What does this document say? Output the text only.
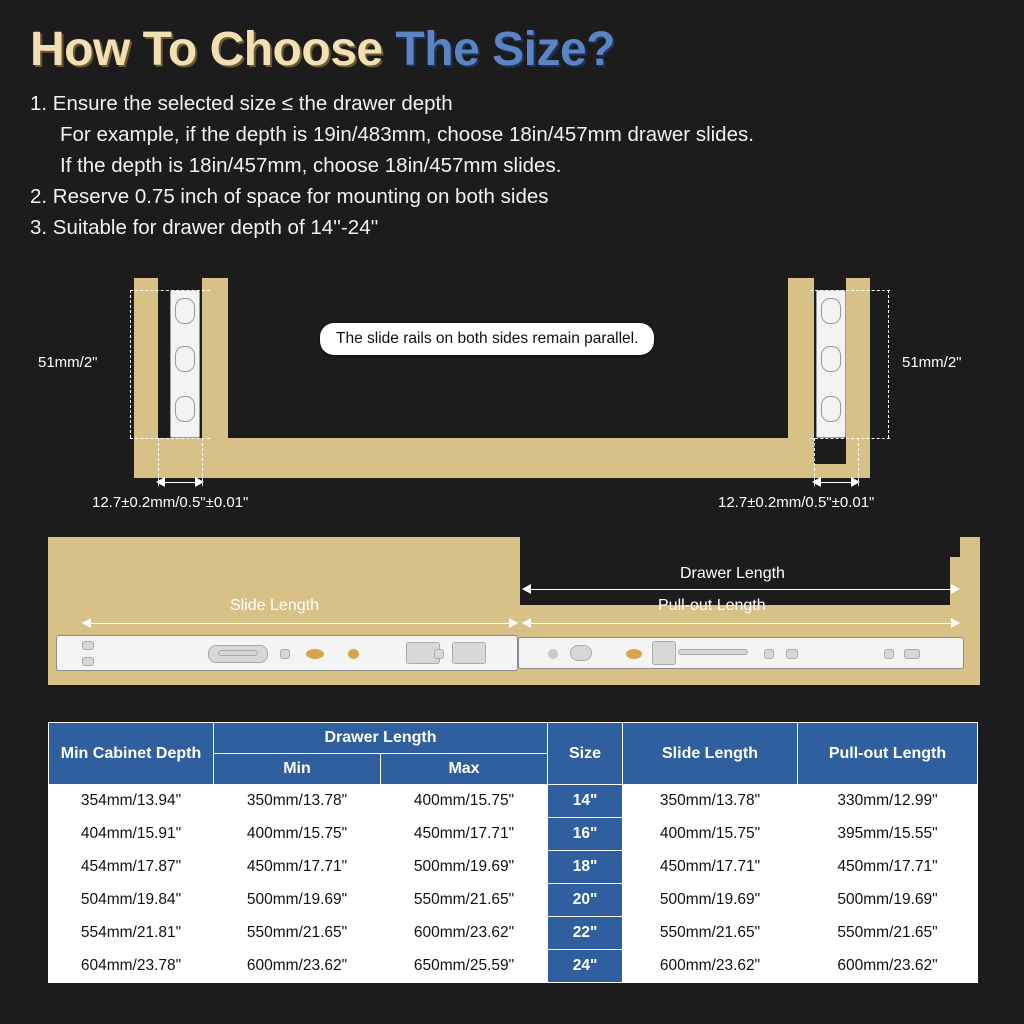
How To Choose The Size?
1. Ensure the selected size ≤ the drawer depth
For example, if the depth is 19in/483mm, choose 18in/457mm drawer slides.
If the depth is 18in/457mm, choose 18in/457mm slides.
2. Reserve 0.75 inch of space for mounting on both sides
3. Suitable for drawer depth of 14''-24''
51mm/2"	51mm/2"
12.7±0.2mm/0.5"±0.01"	12.7±0.2mm/0.5"±0.01"
The slide rails on both sides remain parallel.
Drawer Length
Slide Length	Pull-out Length
Min Cabinet Depth	Drawer Length		Size	Slide Length	Pull-out Length
	Min	Max			
354mm/13.94"	350mm/13.78"	400mm/15.75"	14"	350mm/13.78"	330mm/12.99"
404mm/15.91"	400mm/15.75"	450mm/17.71"	16"	400mm/15.75"	395mm/15.55"
454mm/17.87"	450mm/17.71"	500mm/19.69"	18"	450mm/17.71"	450mm/17.71"
504mm/19.84"	500mm/19.69"	550mm/21.65"	20"	500mm/19.69"	500mm/19.69"
554mm/21.81"	550mm/21.65"	600mm/23.62"	22"	550mm/21.65"	550mm/21.65"
604mm/23.78"	600mm/23.62"	650mm/25.59"	24"	600mm/23.62"	600mm/23.62"
